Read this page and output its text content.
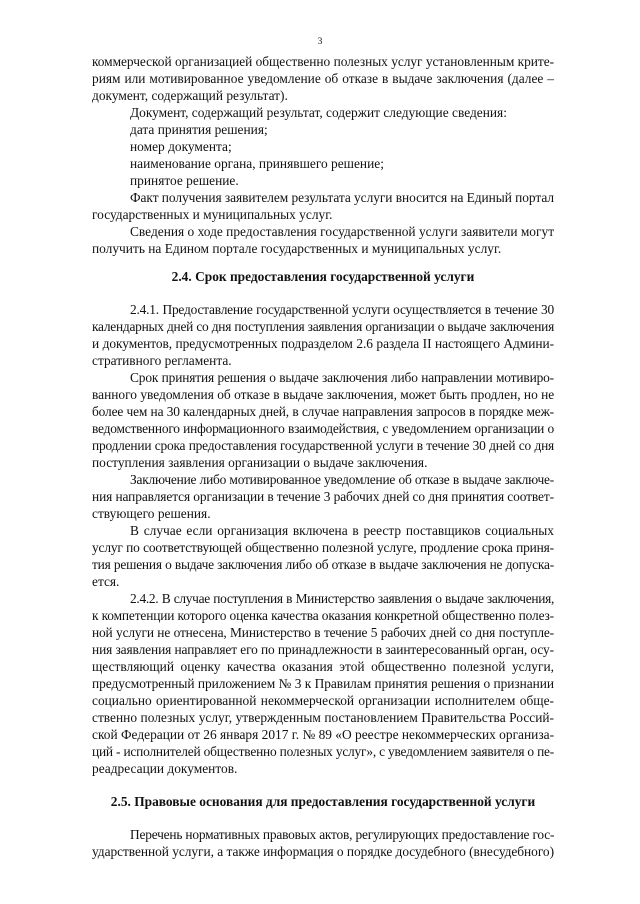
3
коммерческой организацией общественно полезных услуг установленным крите-
риям или мотивированное уведомление об отказе в выдаче заключения (далее –
документ, содержащий результат).
Документ, содержащий результат, содержит следующие сведения:
дата принятия решения;
номер документа;
наименование органа, принявшего решение;
принятое решение.
Факт получения заявителем результата услуги вносится на Единый портал
государственных и муниципальных услуг.
Сведения о ходе предоставления государственной услуги заявители могут
получить на Едином портале государственных и муниципальных услуг.
2.4. Срок предоставления государственной услуги
2.4.1. Предоставление государственной услуги осуществляется в течение 30
календарных дней со дня поступления заявления организации о выдаче заключения
и документов, предусмотренных подразделом 2.6 раздела II настоящего Админи-
стративного регламента.
Срок принятия решения о выдаче заключения либо направлении мотивиро-
ванного уведомления об отказе в выдаче заключения, может быть продлен, но не
более чем на 30 календарных дней, в случае направления запросов в порядке меж-
ведомственного информационного взаимодействия, с уведомлением организации о
продлении срока предоставления государственной услуги в течение 30 дней со дня
поступления заявления организации о выдаче заключения.
Заключение либо мотивированное уведомление об отказе в выдаче заключе-
ния направляется организации в течение 3 рабочих дней со дня принятия соответ-
ствующего решения.
В случае если организация включена в реестр поставщиков социальных
услуг по соответствующей общественно полезной услуге, продление срока приня-
тия решения о выдаче заключения либо об отказе в выдаче заключения не допуска-
ется.
2.4.2. В случае поступления в Министерство заявления о выдаче заключения,
к компетенции которого оценка качества оказания конкретной общественно полез-
ной услуги не отнесена, Министерство в течение 5 рабочих дней со дня поступле-
ния заявления направляет его по принадлежности в заинтересованный орган, осу-
ществляющий оценку качества оказания этой общественно полезной услуги,
предусмотренный приложением № 3 к Правилам принятия решения о признании
социально ориентированной некоммерческой организации исполнителем обще-
ственно полезных услуг, утвержденным постановлением Правительства Россий-
ской Федерации от 26 января 2017 г. № 89 «О реестре некоммерческих организа-
ций - исполнителей общественно полезных услуг», с уведомлением заявителя о пе-
реадресации документов.
2.5. Правовые основания для предоставления государственной услуги
Перечень нормативных правовых актов, регулирующих предоставление гос-
ударственной услуги, а также информация о порядке досудебного (внесудебного)
